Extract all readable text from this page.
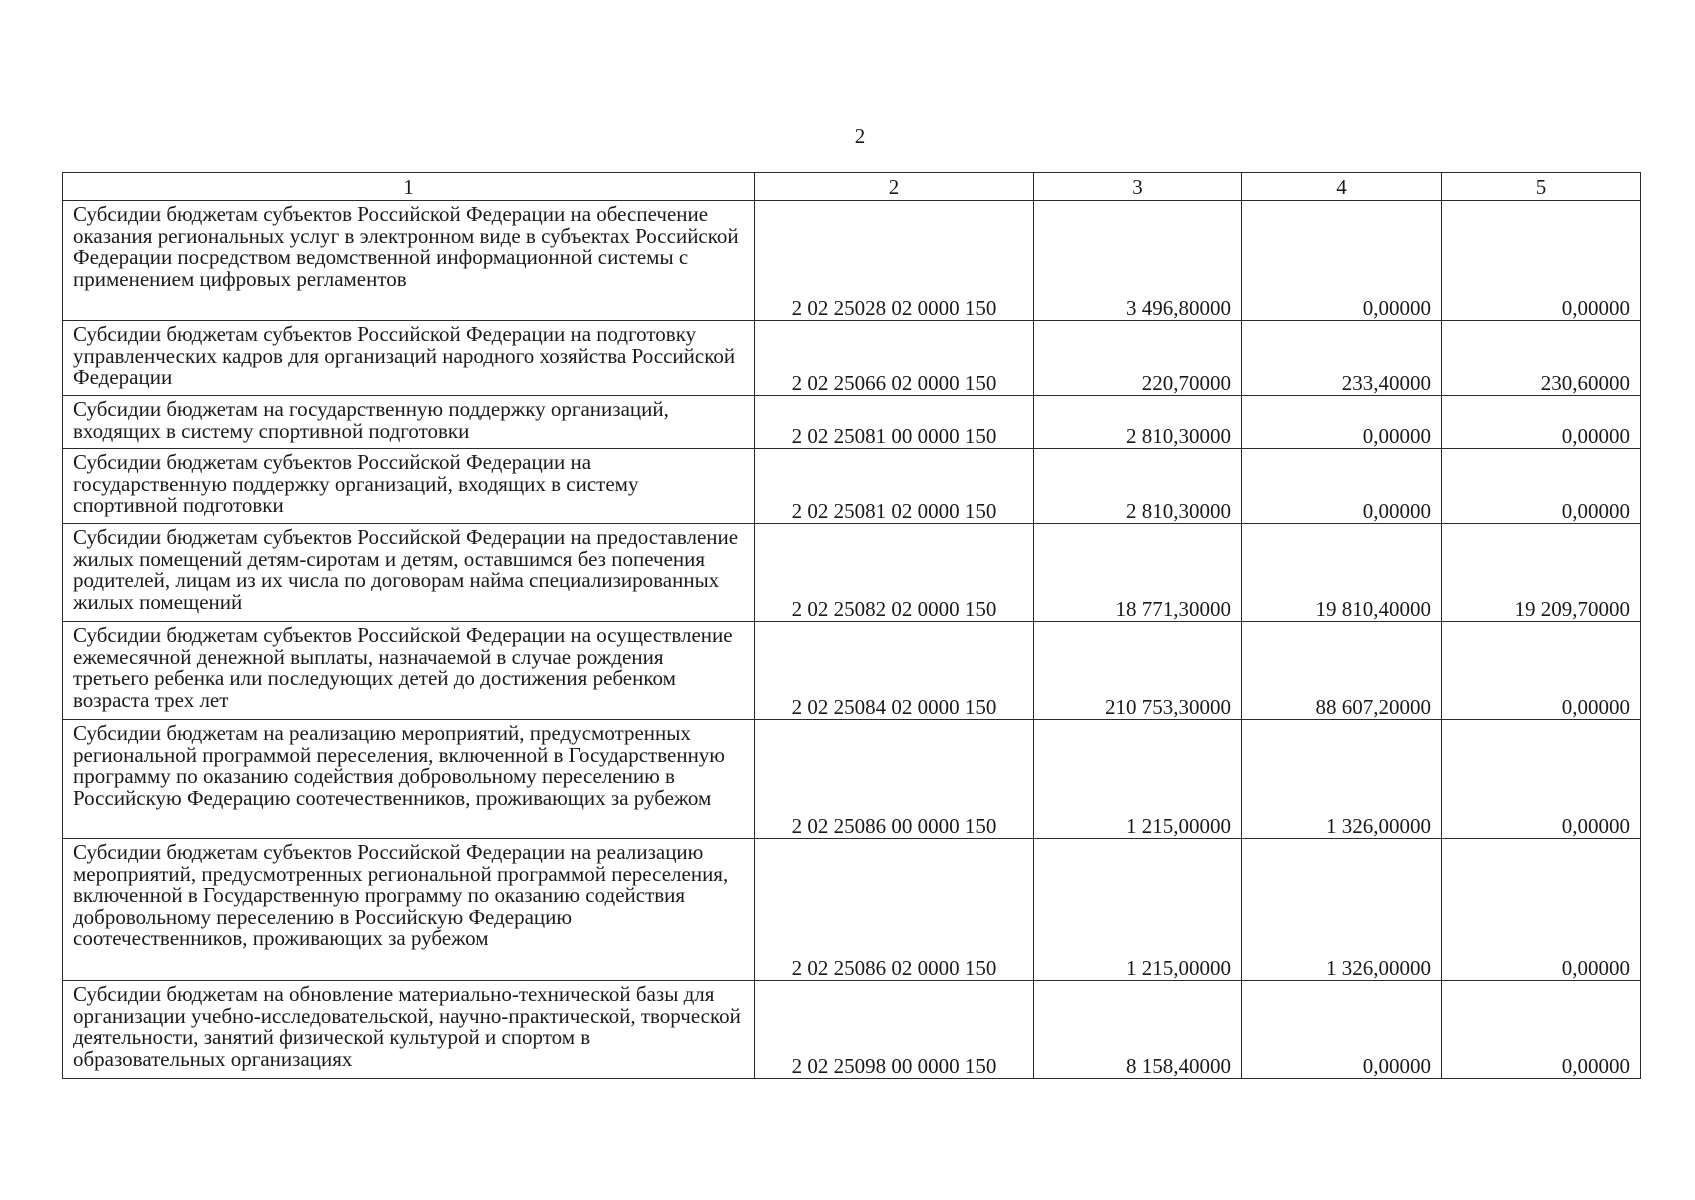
2
1	2	3	4	5
Субсидии бюджетам субъектов Российской Федерации на обеспечение оказания региональных услуг в электронном виде в субъектах Российской Федерации посредством ведомственной информационной системы с применением цифровых регламентов	2 02 25028 02 0000 150	3 496,80000	0,00000	0,00000
Субсидии бюджетам субъектов Российской Федерации на подготовку управленческих кадров для организаций народного хозяйства Российской Федерации	2 02 25066 02 0000 150	220,70000	233,40000	230,60000
Субсидии бюджетам на государственную поддержку организаций, входящих в систему спортивной подготовки	2 02 25081 00 0000 150	2 810,30000	0,00000	0,00000
Субсидии бюджетам субъектов Российской Федерации на государственную поддержку организаций, входящих в систему спортивной подготовки	2 02 25081 02 0000 150	2 810,30000	0,00000	0,00000
Субсидии бюджетам субъектов Российской Федерации на предоставление жилых помещений детям-сиротам и детям, оставшимся без попечения родителей, лицам из их числа по договорам найма специализированных жилых помещений	2 02 25082 02 0000 150	18 771,30000	19 810,40000	19 209,70000
Субсидии бюджетам субъектов Российской Федерации на осуществление ежемесячной денежной выплаты, назначаемой в случае рождения третьего ребенка или последующих детей до достижения ребенком возраста трех лет	2 02 25084 02 0000 150	210 753,30000	88 607,20000	0,00000
Субсидии бюджетам на реализацию мероприятий, предусмотренных региональной программой переселения, включенной в Государственную программу по оказанию содействия добровольному переселению в Российскую Федерацию соотечественников, проживающих за рубежом	2 02 25086 00 0000 150	1 215,00000	1 326,00000	0,00000
Субсидии бюджетам субъектов Российской Федерации на реализацию мероприятий, предусмотренных региональной программой переселения, включенной в Государственную программу по оказанию содействия добровольному переселению в Российскую Федерацию соотечественников, проживающих за рубежом	2 02 25086 02 0000 150	1 215,00000	1 326,00000	0,00000
Субсидии бюджетам на обновление материально-технической базы для организации учебно-исследовательской, научно-практической, творческой деятельности, занятий физической культурой и спортом в образовательных организациях	2 02 25098 00 0000 150	8 158,40000	0,00000	0,00000
